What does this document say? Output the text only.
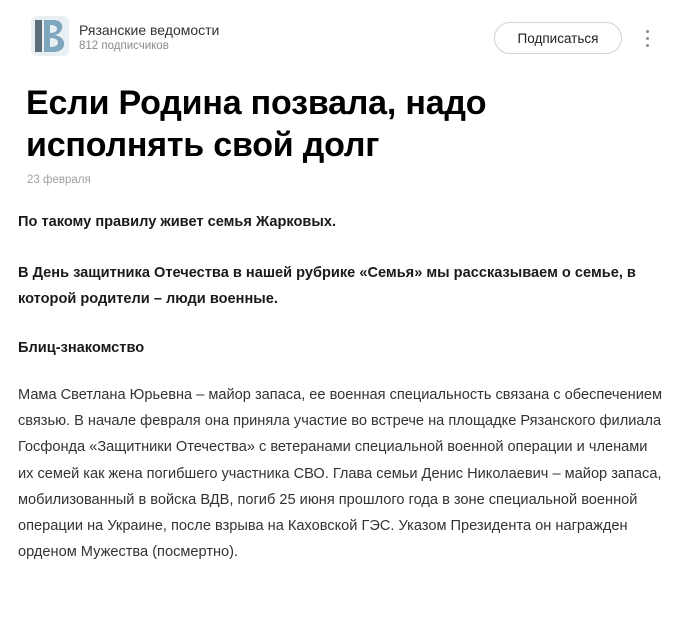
Рязанские ведомости
812 подписчиков
Подписаться
Если Родина позвала, надо исполнять свой долг
23 февраля

По такому правилу живет семья Жарковых.

В День защитника Отечества в нашей рубрике «Семья» мы рассказываем о семье, в которой родители – люди военные.

Блиц-знакомство

Мама Светлана Юрьевна – майор запаса, ее военная специальность связана с обеспечением связью. В начале февраля она приняла участие во встрече на площадке Рязанского филиала Госфонда «Защитники Отечества» с ветеранами специальной военной операции и членами их семей как жена погибшего участника СВО. Глава семьи Денис Николаевич – майор запаса, мобилизованный в войска ВДВ, погиб 25 июня прошлого года в зоне специальной военной операции на Украине, после взрыва на Каховской ГЭС. Указом Президента он награжден орденом Мужества (посмертно).
